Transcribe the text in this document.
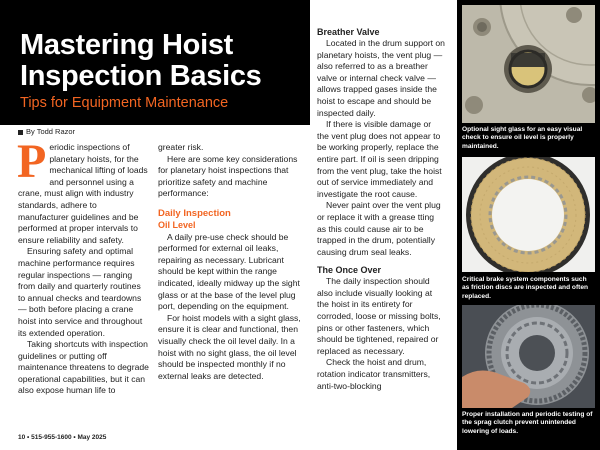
Mastering Hoist Inspection Basics
Tips for Equipment Maintenance
By Todd Razor

Periodic inspections of planetary hoists, for the mechanical lifting of loads and personnel using a crane, must align with industry standards, adhere to manufacturer guidelines and be performed at proper intervals to ensure reliability and safety.

Ensuring safety and optimal machine performance requires regular inspections — ranging from daily and quarterly routines to annual checks and teardowns — both before placing a crane hoist into service and throughout its extended operation.

Taking shortcuts with inspection guidelines or putting off maintenance threatens to degrade operational capabilities, but it can also expose human life to

greater risk.

Here are some key considerations for planetary hoist inspections that prioritize safety and machine performance:

Daily Inspection
Oil Level

A daily pre-use check should be performed for external oil leaks, repairing as necessary. Lubricant should be kept within the range indicated, ideally midway up the sight glass or at the base of the level plug port, depending on the equipment.

For hoist models with a sight glass, ensure it is clear and functional, then visually check the oil level daily. In a hoist with no sight glass, the oil level should be inspected monthly if no external leaks are detected.

Breather Valve

Located in the drum support on planetary hoists, the vent plug — also referred to as a breather valve or internal check valve — allows trapped gases inside the hoist to escape and should be inspected daily.

If there is visible damage or the vent plug does not appear to be working properly, replace the entire part. If oil is seen dripping from the vent plug, take the hoist out of service immediately and investigate the root cause.

Never paint over the vent plug or replace it with a grease tting as this could cause air to be trapped in the drum, potentially causing drum seal leaks.

The Once Over

The daily inspection should also include visually looking at the hoist in its entirety for corroded, loose or missing bolts, pins or other fasteners, which should be tightened, repaired or replaced as necessary.

Check the hoist and drum, rotation indicator transmitters, anti-two-blocking

10 • 515-955-1600 • May 2025
Optional sight glass for an easy visual check to ensure oil level is properly maintained.
Critical brake system components such as friction discs are inspected and often replaced.
Proper installation and periodic testing of the sprag clutch prevent unintended lowering of loads.
